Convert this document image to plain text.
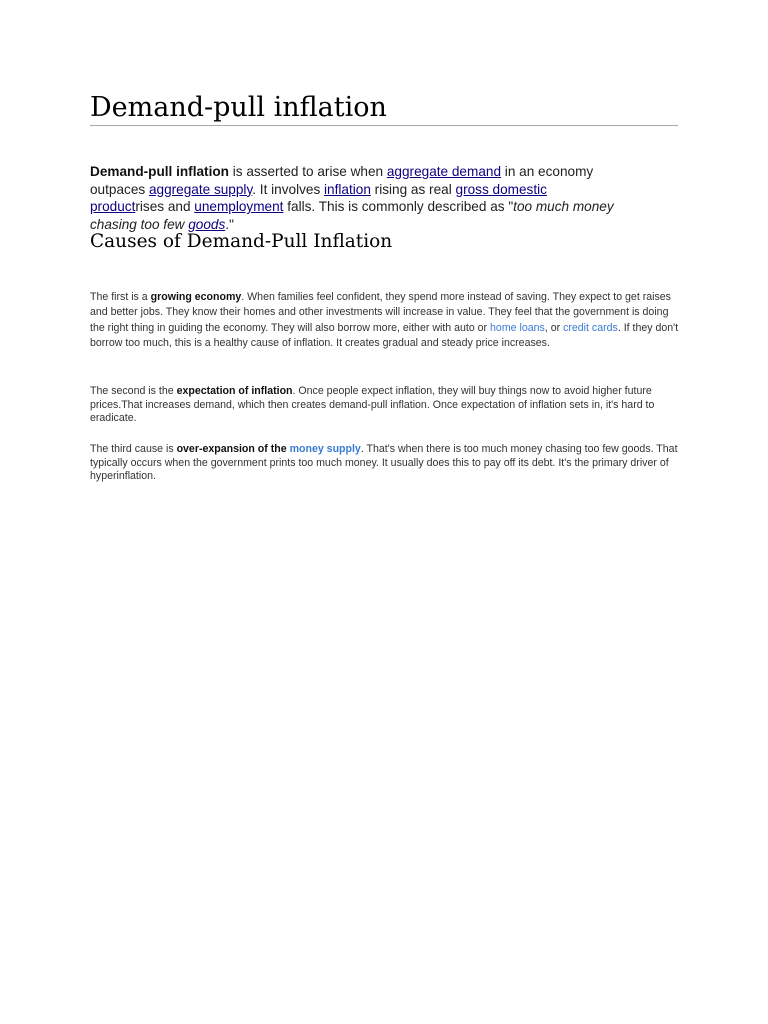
Demand-pull inflation

Demand-pull inflation is asserted to arise when aggregate demand in an economy outpaces aggregate supply. It involves inflation rising as real gross domestic productrises and unemployment falls. This is commonly described as "too much money chasing too few goods."

Causes of Demand-Pull Inflation

The first is a growing economy. When families feel confident, they spend more instead of saving. They expect to get raises and better jobs. They know their homes and other investments will increase in value. They feel that the government is doing the right thing in guiding the economy. They will also borrow more, either with auto or home loans, or credit cards. If they don't borrow too much, this is a healthy cause of inflation. It creates gradual and steady price increases.

The second is the expectation of inflation. Once people expect inflation, they will buy things now to avoid higher future prices.That increases demand, which then creates demand-pull inflation. Once expectation of inflation sets in, it's hard to eradicate.

The third cause is over-expansion of the money supply. That's when there is too much money chasing too few goods. That typically occurs when the government prints too much money. It usually does this to pay off its debt. It's the primary driver of hyperinflation.
